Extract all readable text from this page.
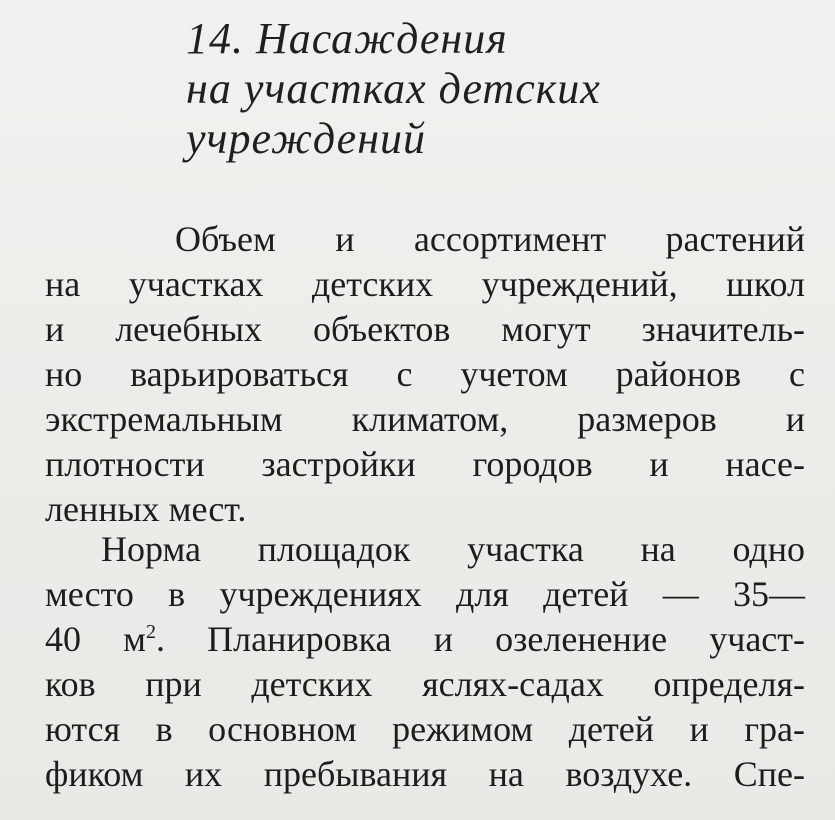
14. Насаждения
на участках детских
учреждений

Объем и ассортимент растений
на участках детских учреждений, школ
и лечебных объектов могут значитель-
но варьироваться с учетом районов с
экстремальным климатом, размеров и
плотности застройки городов и насе-
ленных мест.

Норма площадок участка на одно
место в учреждениях для детей — 35—
40 $м^2$. Планировка и озеленение участ-
ков при детских яслях-садах определя-
ются в основном режимом детей и гра-
фиком их пребывания на воздухе. Спе-
